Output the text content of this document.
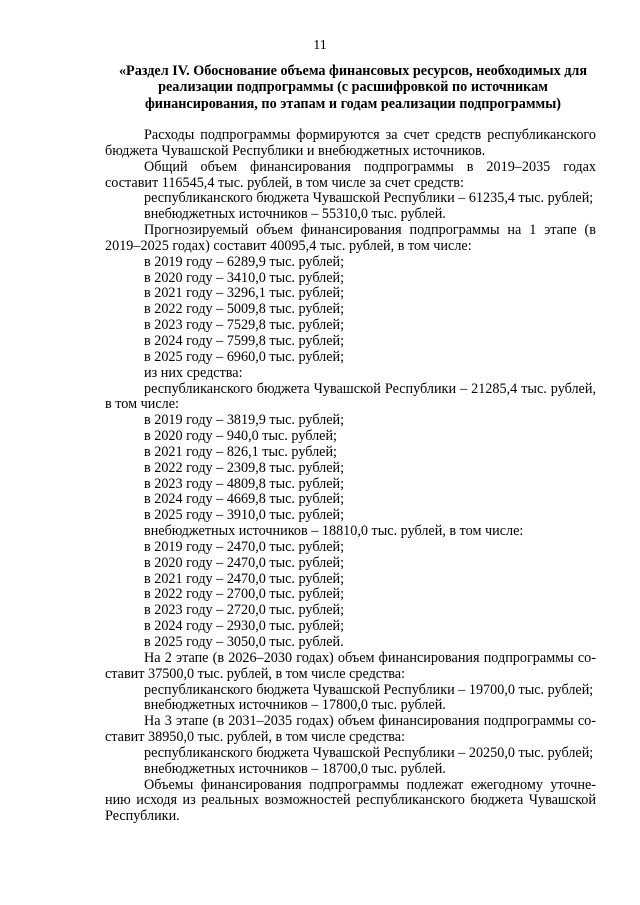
11
«Раздел IV. Обоснование объема финансовых ресурсов, необходимых для реализации подпрограммы (с расшифровкой по источникам финансирования, по этапам и годам реализации подпрограммы)
Расходы подпрограммы формируются за счет средств республиканского бюджета Чувашской Республики и внебюджетных источников.
Общий объем финансирования подпрограммы в 2019–2035 годах составит 116545,4 тыс. рублей, в том числе за счет средств:
республиканского бюджета Чувашской Республики – 61235,4 тыс. рублей;
внебюджетных источников – 55310,0 тыс. рублей.
Прогнозируемый объем финансирования подпрограммы на 1 этапе (в 2019–2025 годах) составит 40095,4 тыс. рублей, в том числе:
в 2019 году – 6289,9 тыс. рублей;
в 2020 году – 3410,0 тыс. рублей;
в 2021 году – 3296,1 тыс. рублей;
в 2022 году – 5009,8 тыс. рублей;
в 2023 году – 7529,8 тыс. рублей;
в 2024 году – 7599,8 тыс. рублей;
в 2025 году – 6960,0 тыс. рублей;
из них средства:
республиканского бюджета Чувашской Республики – 21285,4 тыс. рублей, в том числе:
в 2019 году – 3819,9 тыс. рублей;
в 2020 году – 940,0 тыс. рублей;
в 2021 году – 826,1 тыс. рублей;
в 2022 году – 2309,8 тыс. рублей;
в 2023 году – 4809,8 тыс. рублей;
в 2024 году – 4669,8 тыс. рублей;
в 2025 году – 3910,0 тыс. рублей;
внебюджетных источников – 18810,0 тыс. рублей, в том числе:
в 2019 году – 2470,0 тыс. рублей;
в 2020 году – 2470,0 тыс. рублей;
в 2021 году – 2470,0 тыс. рублей;
в 2022 году – 2700,0 тыс. рублей;
в 2023 году – 2720,0 тыс. рублей;
в 2024 году – 2930,0 тыс. рублей;
в 2025 году – 3050,0 тыс. рублей.
На 2 этапе (в 2026–2030 годах) объем финансирования подпрограммы составит 37500,0 тыс. рублей, в том числе средства:
республиканского бюджета Чувашской Республики – 19700,0 тыс. рублей;
внебюджетных источников – 17800,0 тыс. рублей.
На 3 этапе (в 2031–2035 годах) объем финансирования подпрограммы составит 38950,0 тыс. рублей, в том числе средства:
республиканского бюджета Чувашской Республики – 20250,0 тыс. рублей;
внебюджетных источников – 18700,0 тыс. рублей.
Объемы финансирования подпрограммы подлежат ежегодному уточнению исходя из реальных возможностей республиканского бюджета Чувашской Республики.
